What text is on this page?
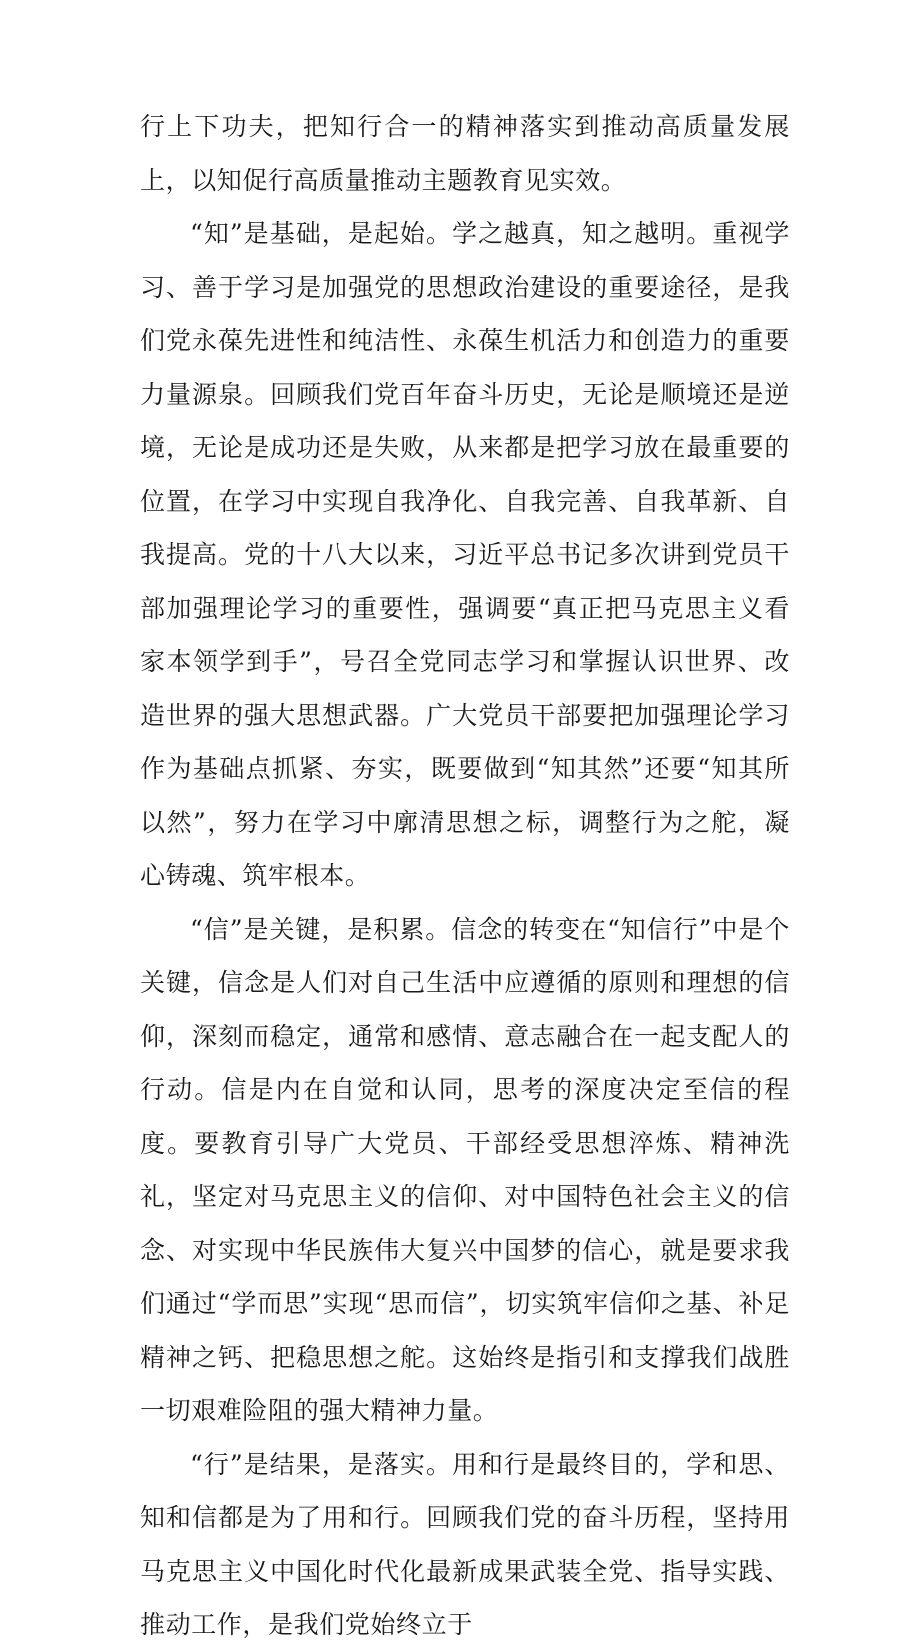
行上下功夫，把知行合一的精神落实到推动高质量发展上，以知促行高质量推动主题教育见实效。

“知”是基础，是起始。学之越真，知之越明。重视学习、善于学习是加强党的思想政治建设的重要途径，是我们党永葆先进性和纯洁性、永葆生机活力和创造力的重要力量源泉。回顾我们党百年奋斗历史，无论是顺境还是逆境，无论是成功还是失败，从来都是把学习放在最重要的位置，在学习中实现自我净化、自我完善、自我革新、自我提高。党的十八大以来，习近平总书记多次讲到党员干部加强理论学习的重要性，强调要“真正把马克思主义看家本领学到手”，号召全党同志学习和掌握认识世界、改造世界的强大思想武器。广大党员干部要把加强理论学习作为基础点抓紧、夯实，既要做到“知其然”还要“知其所以然”，努力在学习中廓清思想之标，调整行为之舵，凝心铸魂、筑牢根本。

“信”是关键，是积累。信念的转变在“知信行”中是个关键，信念是人们对自己生活中应遵循的原则和理想的信仰，深刻而稳定，通常和感情、意志融合在一起支配人的行动。信是内在自觉和认同，思考的深度决定至信的程度。要教育引导广大党员、干部经受思想淬炼、精神洗礼，坚定对马克思主义的信仰、对中国特色社会主义的信念、对实现中华民族伟大复兴中国梦的信心，就是要求我们通过“学而思”实现“思而信”，切实筑牢信仰之基、补足精神之钙、把稳思想之舵。这始终是指引和支撑我们战胜一切艰难险阻的强大精神力量。

“行”是结果，是落实。用和行是最终目的，学和思、知和信都是为了用和行。回顾我们党的奋斗历程，坚持用马克思主义中国化时代化最新成果武装全党、指导实践、推动工作，是我们党始终立于
